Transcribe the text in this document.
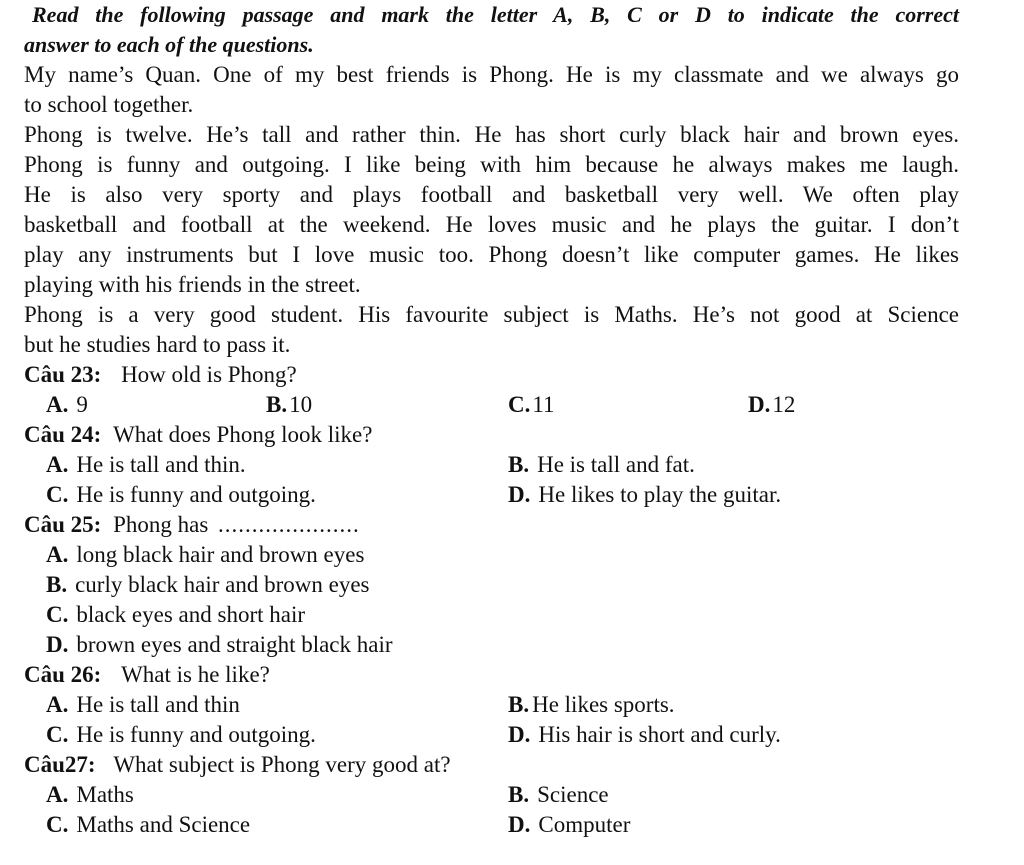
Read the following passage and mark the letter A, B, C or D to indicate the correct
answer to each of the questions.
My name’s Quan. One of my best friends is Phong. He is my classmate and we always go
to school together.
Phong is twelve. He’s tall and rather thin. He has short curly black hair and brown eyes.
Phong is funny and outgoing. I like being with him because he always makes me laugh.
He is also very sporty and plays football and basketball very well. We often play
basketball and football at the weekend. He loves music and he plays the guitar. I don’t
play any instruments but I love music too. Phong doesn’t like computer games. He likes
playing with his friends in the street.
Phong is a very good student. His favourite subject is Maths. He’s not good at Science
but he studies hard to pass it.
Câu 23: How old is Phong?
A. 9	B.10	C.11	D.12
Câu 24: What does Phong look like?
A. He is tall and thin.	B. He is tall and fat.
C. He is funny and outgoing.	D. He likes to play the guitar.
Câu 25: Phong has .....................
A. long black hair and brown eyes
B. curly black hair and brown eyes
C. black eyes and short hair
D. brown eyes and straight black hair
Câu 26: What is he like?
A. He is tall and thin	B. He likes sports.
C. He is funny and outgoing.	D. His hair is short and curly.
Câu27: What subject is Phong very good at?
A. Maths	B. Science
C. Maths and Science	D. Computer
